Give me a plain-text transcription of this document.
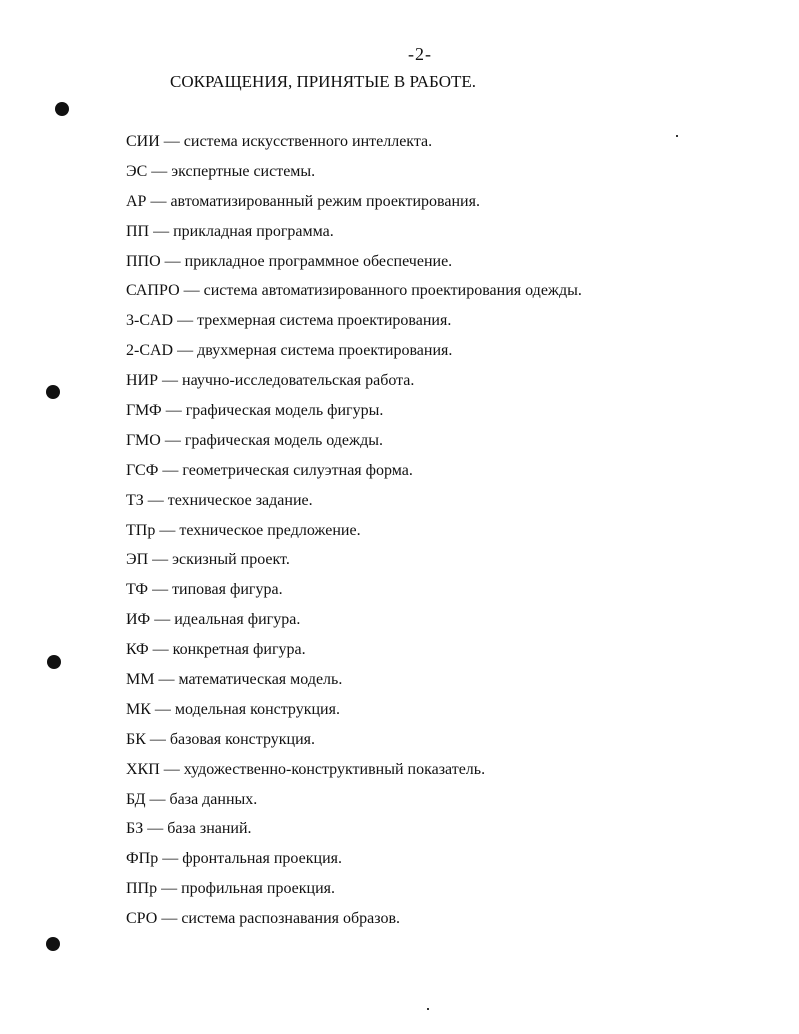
-2-
СОКРАЩЕНИЯ, ПРИНЯТЫЕ В РАБОТЕ.
СИИ — система искусственного интеллекта.
ЭС — экспертные системы.
АР — автоматизированный режим проектирования.
ПП — прикладная программа.
ППО — прикладное программное обеспечение.
САПРО — система автоматизированного проектирования одежды.
3-CAD — трехмерная система проектирования.
2-CAD — двухмерная система проектирования.
НИР — научно-исследовательская работа.
ГМФ — графическая модель фигуры.
ГМО — графическая модель одежды.
ГСФ — геометрическая силуэтная форма.
ТЗ — техническое задание.
ТПр — техническое предложение.
ЭП — эскизный проект.
ТФ — типовая фигура.
ИФ — идеальная фигура.
КФ — конкретная фигура.
ММ — математическая модель.
МК — модельная конструкция.
БК — базовая конструкция.
ХКП — художественно-конструктивный показатель.
БД — база данных.
БЗ — база знаний.
ФПр — фронтальная проекция.
ППр — профильная проекция.
СРО — система распознавания образов.
